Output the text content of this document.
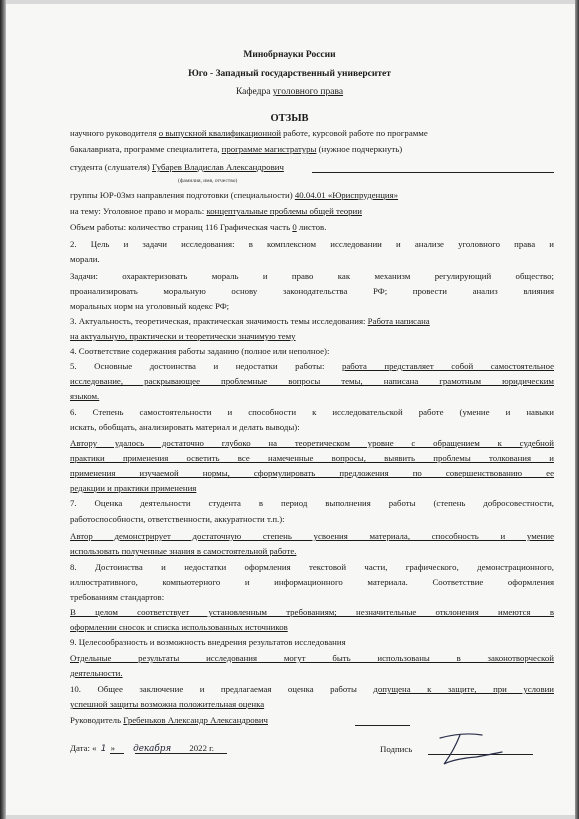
Минобрнауки России
Юго - Западный государственный университет
Кафедра уголовного права
ОТЗЫВ
научного руководителя о выпускной квалификационной работе, курсовой работе по программе
бакалавриата, программе специалитета, программе магистратуры (нужное подчеркнуть)
студента (слушателя) Губарев Владислав Александрович
(фамилия, имя, отчество)
группы ЮР-03мз направления подготовки (специальности) 40.04.01 «Юриспруденция»
на тему: Уголовное право и мораль: концептуальные проблемы общей теории
Объем работы: количество страниц 116 Графическая часть 0 листов.
2. Цель и задачи исследования: в комплексном исследовании и анализе уголовного права и
морали.
Задачи: охарактеризовать мораль и право как механизм регулирующий общество;
проанализировать моральную основу законодательства РФ; провести анализ влияния
моральных норм на уголовный кодекс РФ;
3. Актуальность, теоретическая, практическая значимость темы исследования: Работа написана
на актуальную, практически и теоретически значимую тему
4. Соответствие содержания работы заданию (полное или неполное):
5. Основные достоинства и недостатки работы: работа представляет собой самостоятельное
исследование, раскрывающее проблемные вопросы темы, написана грамотным юридическим
языком.
6. Степень самостоятельности и способности к исследовательской работе (умение и навыки
искать, обобщать, анализировать материал и делать выводы):
Автору удалось достаточно глубоко на теоретическом уровне с обращением к судебной
практики применения осветить все намеченные вопросы, выявить проблемы толкования и
применения изучаемой нормы, сформулировать предложения по совершенствованию ее
редакции и практики применения
7. Оценка деятельности студента в период выполнения работы (степень добросовестности,
работоспособности, ответственности, аккуратности т.п.):
Автор демонстрирует достаточную степень усвоения материала, способность и умение
использовать полученные знания в самостоятельной работе.
8. Достоинства и недостатки оформления текстовой части, графического, демонстрационного,
иллюстративного, компьютерного и информационного материала. Соответствие оформления
требованиям стандартов:
В целом соответствует установленным требованиям; незначительные отклонения имеются в
оформлении сносок и списка использованных источников
9. Целесообразность и возможность внедрения результатов исследования
Отдельные результаты исследования могут быть использованы в законотворческой
деятельности.
10. Общее заключение и предлагаемая оценка работы допущена к защите, при условии
успешной защиты возможна положительная оценка
Руководитель Гребеньков Александр Александрович
Дата: « 1 » декабря 2022 г.	Подпись
